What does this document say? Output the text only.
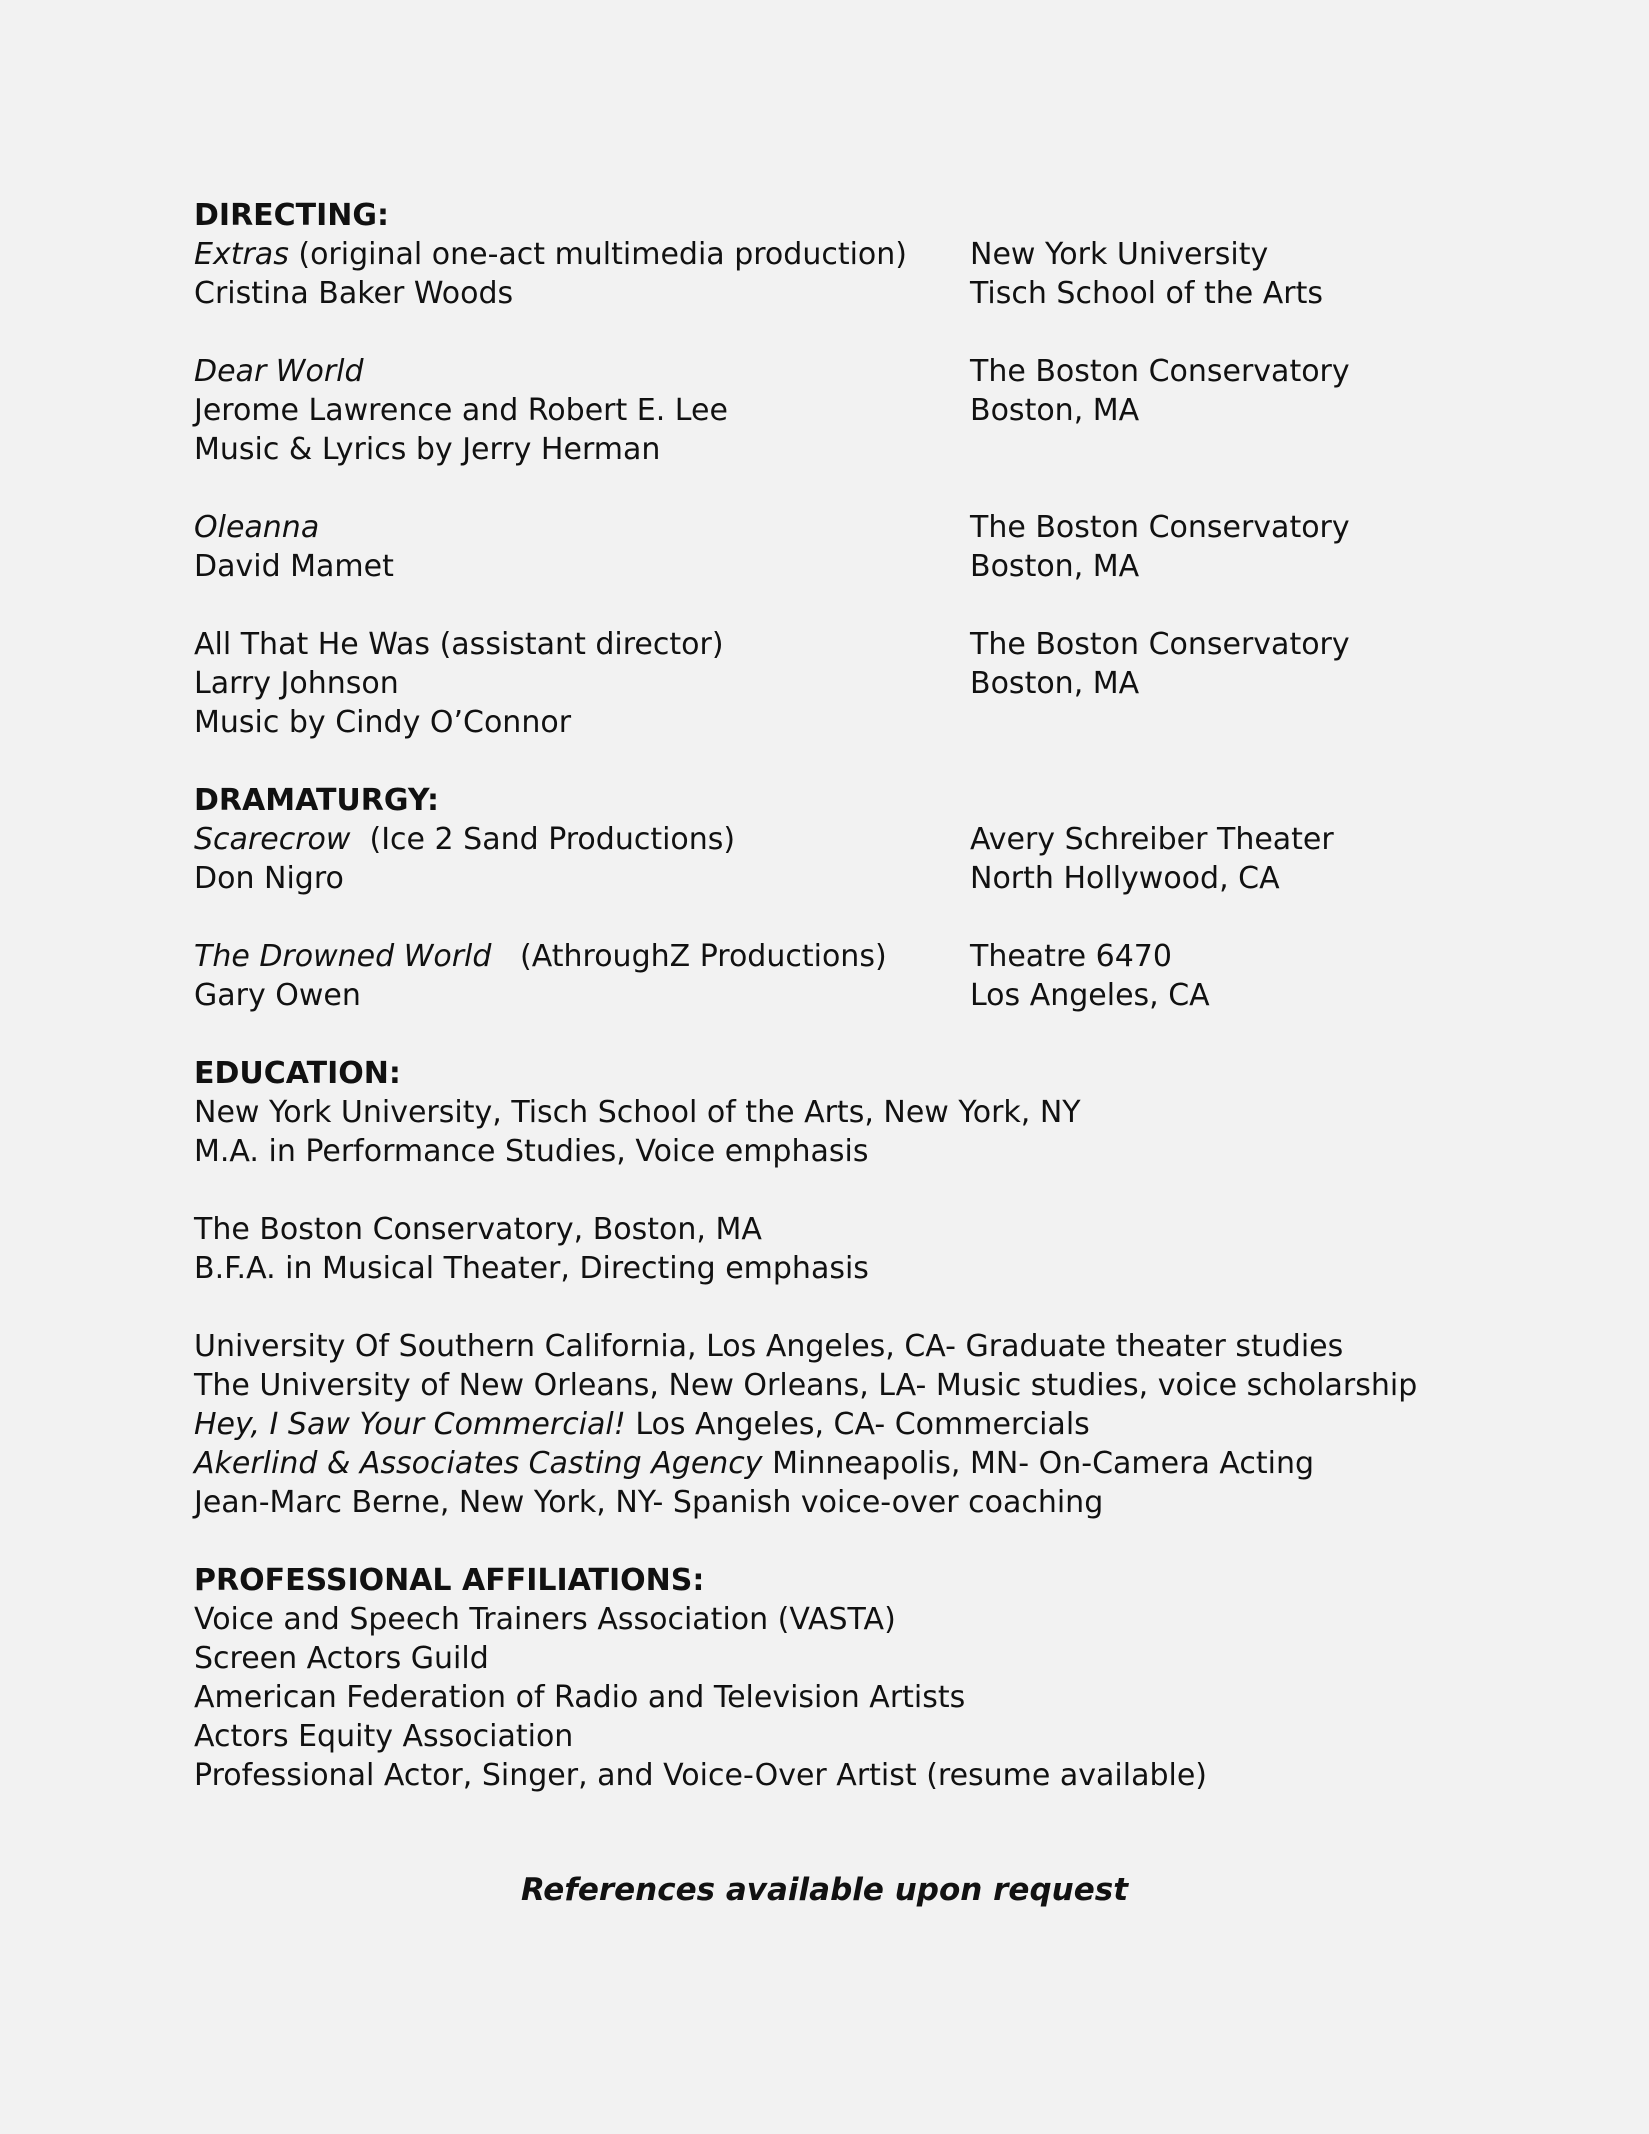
DIRECTING:
Extras (original one-act multimedia production)
Cristina Baker Woods
New York University
Tisch School of the Arts
Dear World
Jerome Lawrence and Robert E. Lee
Music & Lyrics by Jerry Herman
The Boston Conservatory
Boston, MA
Oleanna
David Mamet
The Boston Conservatory
Boston, MA
All That He Was (assistant director)
Larry Johnson
Music by Cindy O’Connor
The Boston Conservatory
Boston, MA
DRAMATURGY:
Scarecrow  (Ice 2 Sand Productions)
Don Nigro
Avery Schreiber Theater
North Hollywood, CA
The Drowned World   (AthroughZ Productions)
Gary Owen
Theatre 6470
Los Angeles, CA
EDUCATION:
New York University, Tisch School of the Arts, New York, NY
M.A. in Performance Studies, Voice emphasis
The Boston Conservatory, Boston, MA
B.F.A. in Musical Theater, Directing emphasis
University Of Southern California, Los Angeles, CA- Graduate theater studies
The University of New Orleans, New Orleans, LA- Music studies, voice scholarship
Hey, I Saw Your Commercial! Los Angeles, CA- Commercials
Akerlind & Associates Casting Agency Minneapolis, MN- On-Camera Acting
Jean-Marc Berne, New York, NY- Spanish voice-over coaching
PROFESSIONAL AFFILIATIONS:
Voice and Speech Trainers Association (VASTA)
Screen Actors Guild
American Federation of Radio and Television Artists
Actors Equity Association
Professional Actor, Singer, and Voice-Over Artist (resume available)
References available upon request
